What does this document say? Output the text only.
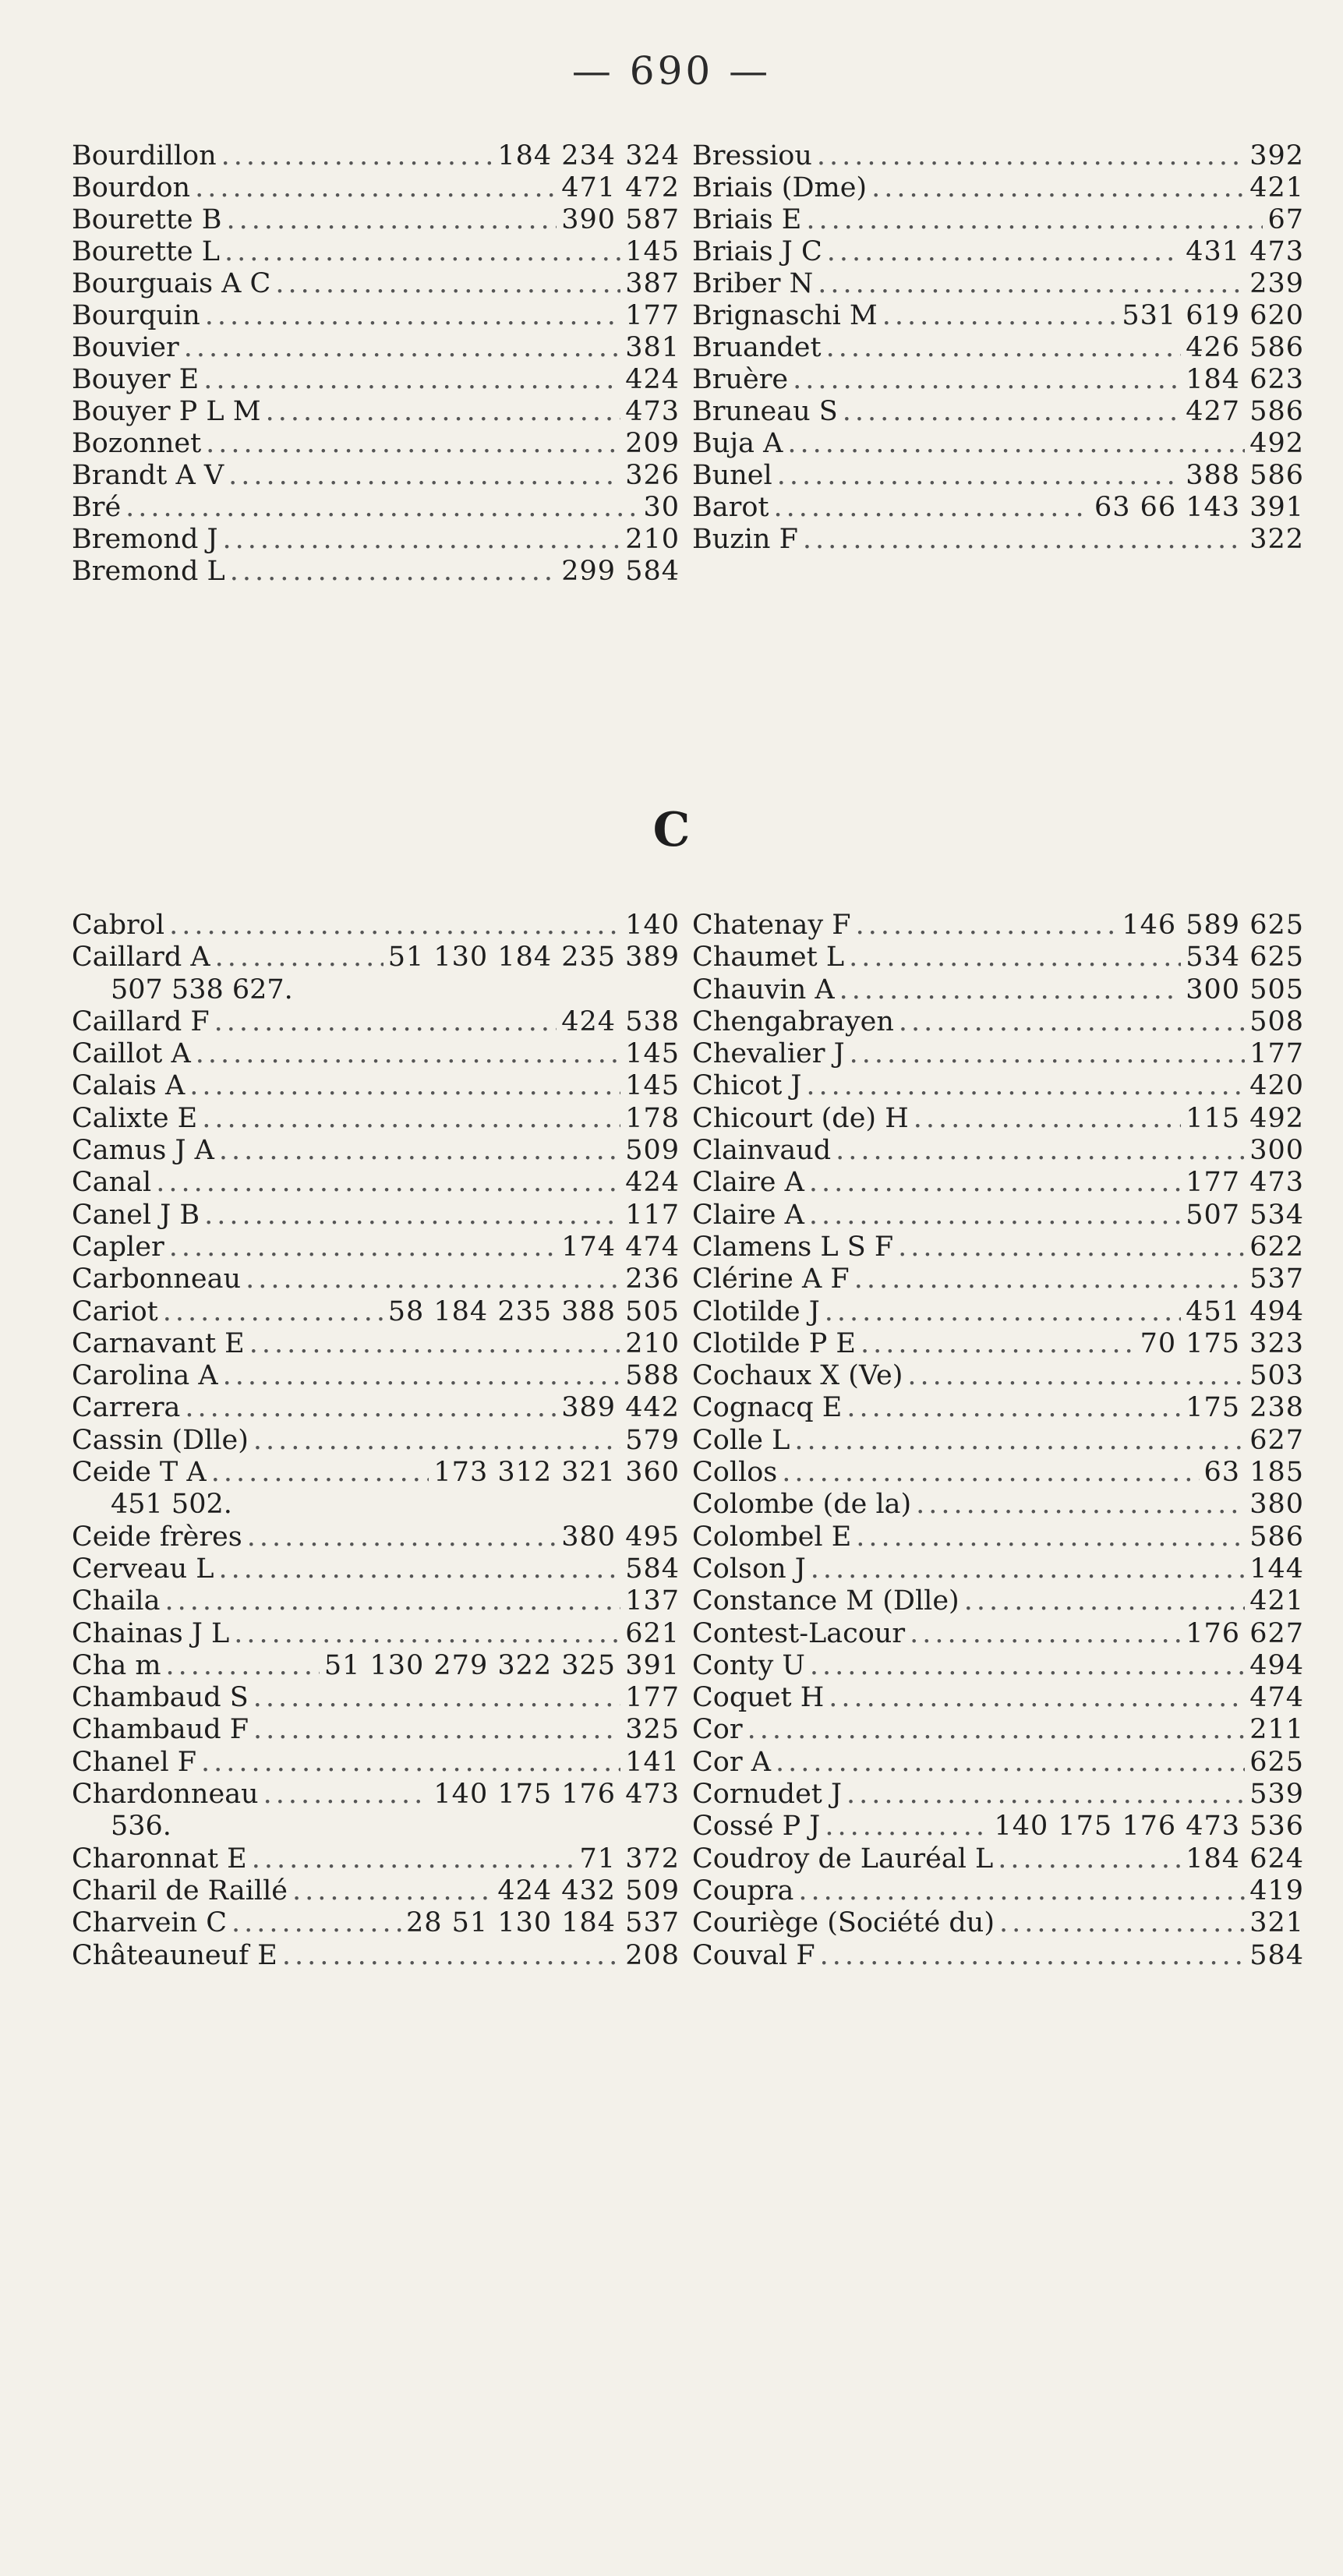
— 690 —
Bourdillon .....	184 234 324
Bourdon .....	471 472
Bourette B .....	390 587
Bourette L .....	145
Bourguais A C .....	387
Bourquin .....	177
Bouvier .....	381
Bouyer E .....	424
Bouyer P L M .....	473
Bozonnet .....	209
Brandt A V .....	326
Bré .....	30
Bremond J .....	210
Bremond L .....	299 584
Bressiou .....	392
Briais (Dme) .....	421
Briais E .....	67
Briais J C .....	431 473
Briber N .....	239
Brignaschi M .....	531 619 620
Bruandet .....	426 586
Bruère .....	184 623
Bruneau S .....	427 586
Buja A .....	492
Bunel .....	388 586
Barot .....	63 66 143 391
Buzin F .....	322
C
Cabrol .....	140
Caillard A .....	51 130 184 235 389
507 538 627.
Caillard F .....	424 538
Caillot A .....	145
Calais A .....	145
Calixte E .....	178
Camus J A .....	509
Canal .....	424
Canel J B .....	117
Capler .....	174 474
Carbonneau .....	236
Cariot .....	58 184 235 388 505
Carnavant E .....	210
Carolina A .....	588
Carrera .....	389 442
Cassin (Dlle) .....	579
Ceide T A .....	173 312 321 360
451 502.
Ceide frères .....	380 495
Cerveau L .....	584
Chaila .....	137
Chainas J L .....	621
Cha m .....	51 130 279 322 325 391
Chambaud S .....	177
Chambaud F .....	325
Chanel F .....	141
Chardonneau .....	140 175 176 473
536.
Charonnat E .....	71 372
Charil de Raillé .....	424 432 509
Charvein C .....	28 51 130 184 537
Châteauneuf E .....	208
Chatenay F .....	146 589 625
Chaumet L .....	534 625
Chauvin A .....	300 505
Chengabrayen .....	508
Chevalier J .....	177
Chicot J .....	420
Chicourt (de) H .....	115 492
Clainvaud .....	300
Claire A .....	177 473
Claire A .....	507 534
Clamens L S F .....	622
Clérine A F .....	537
Clotilde J .....	451 494
Clotilde P E .....	70 175 323
Cochaux X (Ve) .....	503
Cognacq E .....	175 238
Colle L .....	627
Collos .....	63 185
Colombe (de la) .....	380
Colombel E .....	586
Colson J .....	144
Constance M (Dlle) .....	421
Contest-Lacour .....	176 627
Conty U .....	494
Coquet H .....	474
Cor .....	211
Cor A .....	625
Cornudet J .....	539
Cossé P J .....	140 175 176 473 536
Coudroy de Lauréal L .....	184 624
Coupra .....	419
Couriège (Société du) .....	321
Couval F .....	584
